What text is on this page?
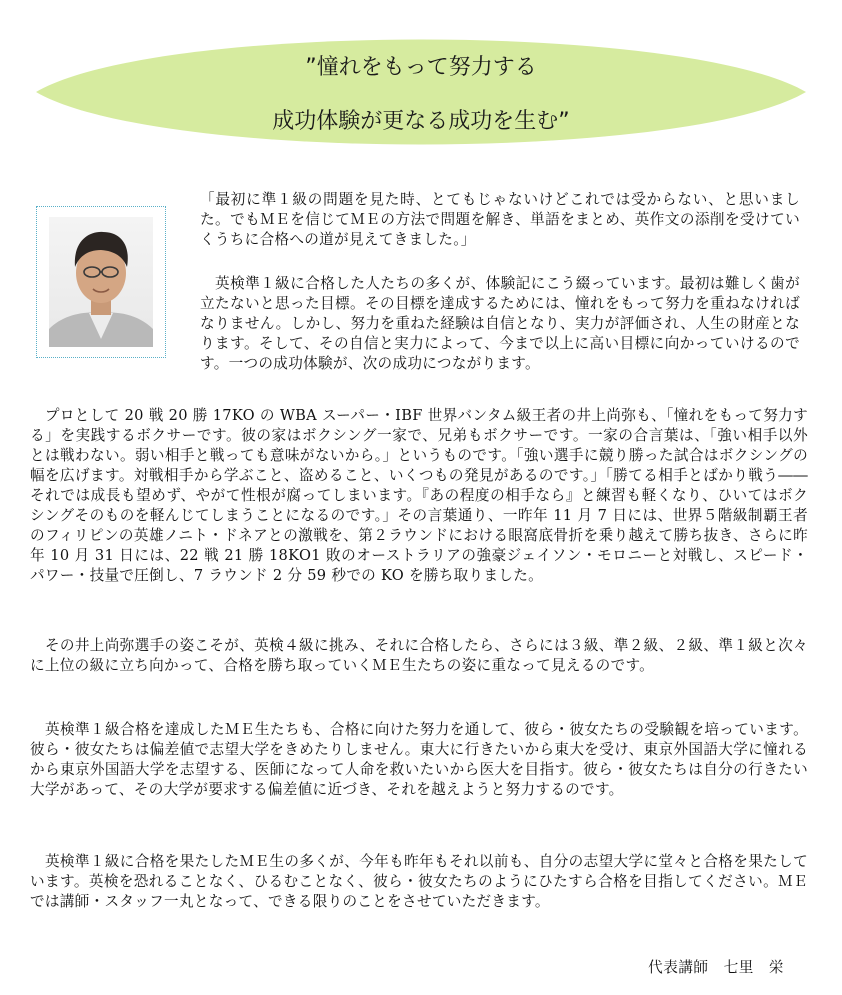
”憧れをもって努力する
成功体験が更なる成功を生む”

「最初に準１級の問題を見た時、とてもじゃないけどこれでは受からない、と思いました。でもＭＥを信じてＭＥの方法で問題を解き、単語をまとめ、英作文の添削を受けていくうちに合格への道が見えてきました。」

　英検準１級に合格した人たちの多くが、体験記にこう綴っています。最初は難しく歯が立たないと思った目標。その目標を達成するためには、憧れをもって努力を重ねなければなりません。しかし、努力を重ねた経験は自信となり、実力が評価され、人生の財産となります。そして、その自信と実力によって、今まで以上に高い目標に向かっていけるのです。一つの成功体験が、次の成功につながります。

　プロとして 20 戦 20 勝 17KO の WBA スーパー・IBF 世界バンタム級王者の井上尚弥も、「憧れをもって努力する」を実践するボクサーです。彼の家はボクシング一家で、兄弟もボクサーです。一家の合言葉は、「強い相手以外とは戦わない。弱い相手と戦っても意味がないから。」というものです。「強い選手に競り勝った試合はボクシングの幅を広げます。対戦相手から学ぶこと、盗めること、いくつもの発見があるのです。」「勝てる相手とばかり戦う――それでは成長も望めず、やがて性根が腐ってしまいます。『あの程度の相手なら』と練習も軽くなり、ひいてはボクシングそのものを軽んじてしまうことになるのです。」その言葉通り、一昨年 11 月 7 日には、世界５階級制覇王者のフィリピンの英雄ノニト・ドネアとの激戦を、第２ラウンドにおける眼窩底骨折を乗り越えて勝ち抜き、さらに昨年 10 月 31 日には、22 戦 21 勝 18KO1 敗のオーストラリアの強豪ジェイソン・モロニーと対戦し、スピード・パワー・技量で圧倒し、7 ラウンド 2 分 59 秒での KO を勝ち取りました。

　その井上尚弥選手の姿こそが、英検４級に挑み、それに合格したら、さらには３級、準２級、２級、準１級と次々に上位の級に立ち向かって、合格を勝ち取っていくＭＥ生たちの姿に重なって見えるのです。

　英検準１級合格を達成したＭＥ生たちも、合格に向けた努力を通して、彼ら・彼女たちの受験観を培っています。彼ら・彼女たちは偏差値で志望大学をきめたりしません。東大に行きたいから東大を受け、東京外国語大学に憧れるから東京外国語大学を志望する、医師になって人命を救いたいから医大を目指す。彼ら・彼女たちは自分の行きたい大学があって、その大学が要求する偏差値に近づき、それを越えようと努力するのです。

　英検準１級に合格を果たしたＭＥ生の多くが、今年も昨年もそれ以前も、自分の志望大学に堂々と合格を果たしています。英検を恐れることなく、ひるむことなく、彼ら・彼女たちのようにひたすら合格を目指してください。ＭＥでは講師・スタッフ一丸となって、できる限りのことをさせていただきます。

代表講師　七里　栄
